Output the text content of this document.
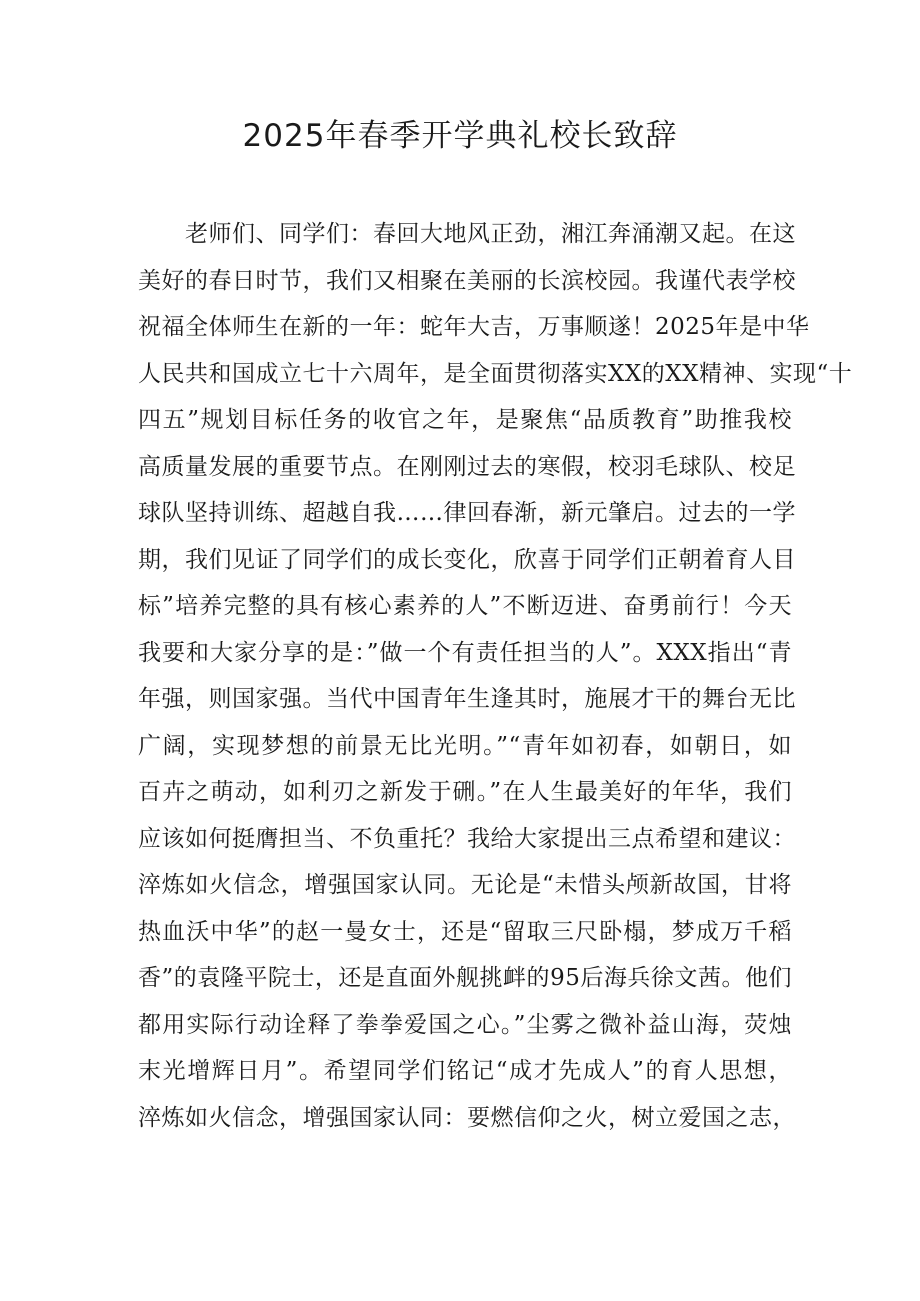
2025年春季开学典礼校长致辞
老师们、同学们：春回大地风正劲，湘江奔涌潮又起。在这
美好的春日时节，我们又相聚在美丽的长滨校园。我谨代表学校
祝福全体师生在新的一年：蛇年大吉，万事顺遂！2025年是中华
人民共和国成立七十六周年，是全面贯彻落实XX的XX精神、实现“十
四五”规划目标任务的收官之年，是聚焦“品质教育”助推我校
高质量发展的重要节点。在刚刚过去的寒假，校羽毛球队、校足
球队坚持训练、超越自我……律回春渐，新元肇启。过去的一学
期，我们见证了同学们的成长变化，欣喜于同学们正朝着育人目
标”培养完整的具有核心素养的人”不断迈进、奋勇前行！今天
我要和大家分享的是：”做一个有责任担当的人”。XXX指出“青
年强，则国家强。当代中国青年生逢其时，施展才干的舞台无比
广阔，实现梦想的前景无比光明。”“青年如初春，如朝日，如
百卉之萌动，如利刃之新发于硎。”在人生最美好的年华，我们
应该如何挺膺担当、不负重托？我给大家提出三点希望和建议：
淬炼如火信念，增强国家认同。无论是“未惜头颅新故国，甘将
热血沃中华”的赵一曼女士，还是“留取三尺卧榻，梦成万千稻
香”的袁隆平院士，还是直面外舰挑衅的95后海兵徐文茜。他们
都用实际行动诠释了拳拳爱国之心。”尘雾之微补益山海，荧烛
末光增辉日月”。希望同学们铭记“成才先成人”的育人思想，
淬炼如火信念，增强国家认同：要燃信仰之火，树立爱国之志，
